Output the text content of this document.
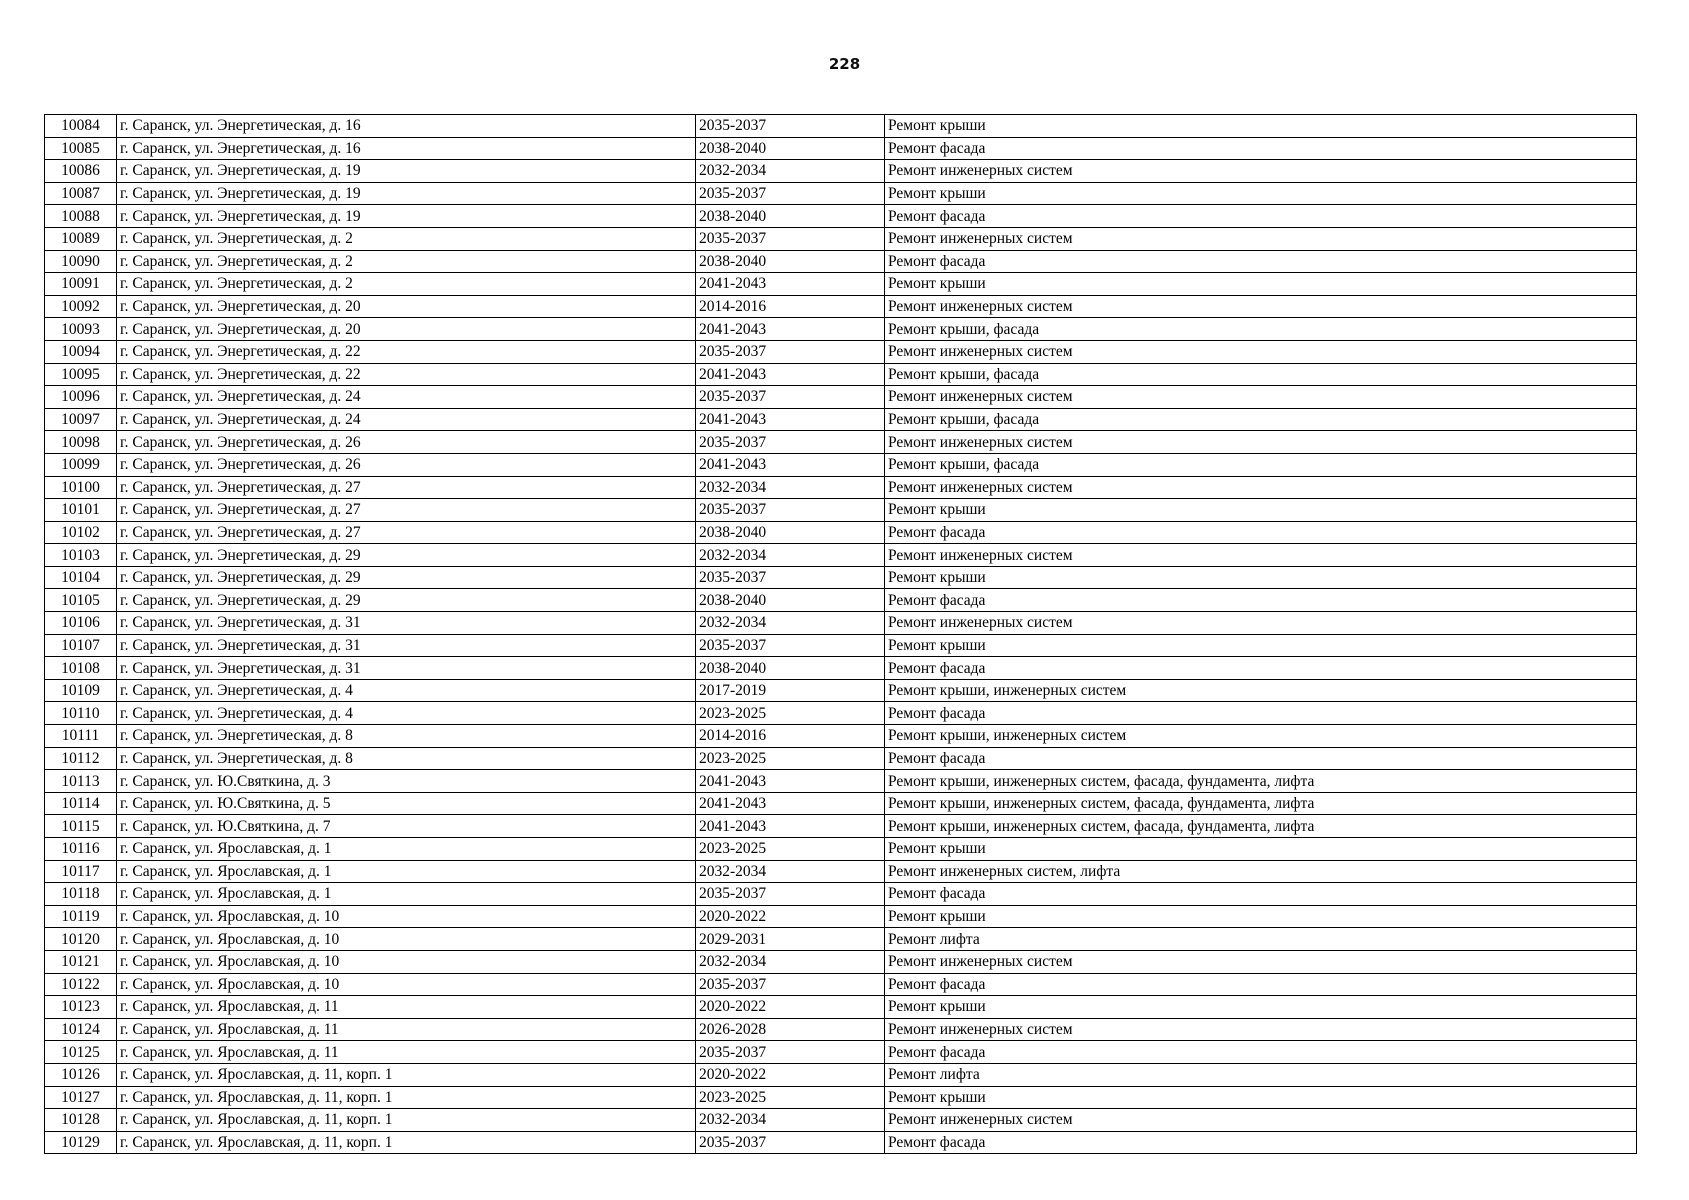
228
10084	г. Саранск, ул. Энергетическая, д. 16	2035-2037	Ремонт крыши
10085	г. Саранск, ул. Энергетическая, д. 16	2038-2040	Ремонт фасада
10086	г. Саранск, ул. Энергетическая, д. 19	2032-2034	Ремонт инженерных систем
10087	г. Саранск, ул. Энергетическая, д. 19	2035-2037	Ремонт крыши
10088	г. Саранск, ул. Энергетическая, д. 19	2038-2040	Ремонт фасада
10089	г. Саранск, ул. Энергетическая, д. 2	2035-2037	Ремонт инженерных систем
10090	г. Саранск, ул. Энергетическая, д. 2	2038-2040	Ремонт фасада
10091	г. Саранск, ул. Энергетическая, д. 2	2041-2043	Ремонт крыши
10092	г. Саранск, ул. Энергетическая, д. 20	2014-2016	Ремонт инженерных систем
10093	г. Саранск, ул. Энергетическая, д. 20	2041-2043	Ремонт крыши, фасада
10094	г. Саранск, ул. Энергетическая, д. 22	2035-2037	Ремонт инженерных систем
10095	г. Саранск, ул. Энергетическая, д. 22	2041-2043	Ремонт крыши, фасада
10096	г. Саранск, ул. Энергетическая, д. 24	2035-2037	Ремонт инженерных систем
10097	г. Саранск, ул. Энергетическая, д. 24	2041-2043	Ремонт крыши, фасада
10098	г. Саранск, ул. Энергетическая, д. 26	2035-2037	Ремонт инженерных систем
10099	г. Саранск, ул. Энергетическая, д. 26	2041-2043	Ремонт крыши, фасада
10100	г. Саранск, ул. Энергетическая, д. 27	2032-2034	Ремонт инженерных систем
10101	г. Саранск, ул. Энергетическая, д. 27	2035-2037	Ремонт крыши
10102	г. Саранск, ул. Энергетическая, д. 27	2038-2040	Ремонт фасада
10103	г. Саранск, ул. Энергетическая, д. 29	2032-2034	Ремонт инженерных систем
10104	г. Саранск, ул. Энергетическая, д. 29	2035-2037	Ремонт крыши
10105	г. Саранск, ул. Энергетическая, д. 29	2038-2040	Ремонт фасада
10106	г. Саранск, ул. Энергетическая, д. 31	2032-2034	Ремонт инженерных систем
10107	г. Саранск, ул. Энергетическая, д. 31	2035-2037	Ремонт крыши
10108	г. Саранск, ул. Энергетическая, д. 31	2038-2040	Ремонт фасада
10109	г. Саранск, ул. Энергетическая, д. 4	2017-2019	Ремонт крыши, инженерных систем
10110	г. Саранск, ул. Энергетическая, д. 4	2023-2025	Ремонт фасада
10111	г. Саранск, ул. Энергетическая, д. 8	2014-2016	Ремонт крыши, инженерных систем
10112	г. Саранск, ул. Энергетическая, д. 8	2023-2025	Ремонт фасада
10113	г. Саранск, ул. Ю.Святкина, д. 3	2041-2043	Ремонт крыши, инженерных систем, фасада, фундамента, лифта
10114	г. Саранск, ул. Ю.Святкина, д. 5	2041-2043	Ремонт крыши, инженерных систем, фасада, фундамента, лифта
10115	г. Саранск, ул. Ю.Святкина, д. 7	2041-2043	Ремонт крыши, инженерных систем, фасада, фундамента, лифта
10116	г. Саранск, ул. Ярославская, д. 1	2023-2025	Ремонт крыши
10117	г. Саранск, ул. Ярославская, д. 1	2032-2034	Ремонт инженерных систем, лифта
10118	г. Саранск, ул. Ярославская, д. 1	2035-2037	Ремонт фасада
10119	г. Саранск, ул. Ярославская, д. 10	2020-2022	Ремонт крыши
10120	г. Саранск, ул. Ярославская, д. 10	2029-2031	Ремонт лифта
10121	г. Саранск, ул. Ярославская, д. 10	2032-2034	Ремонт инженерных систем
10122	г. Саранск, ул. Ярославская, д. 10	2035-2037	Ремонт фасада
10123	г. Саранск, ул. Ярославская, д. 11	2020-2022	Ремонт крыши
10124	г. Саранск, ул. Ярославская, д. 11	2026-2028	Ремонт инженерных систем
10125	г. Саранск, ул. Ярославская, д. 11	2035-2037	Ремонт фасада
10126	г. Саранск, ул. Ярославская, д. 11, корп. 1	2020-2022	Ремонт лифта
10127	г. Саранск, ул. Ярославская, д. 11, корп. 1	2023-2025	Ремонт крыши
10128	г. Саранск, ул. Ярославская, д. 11, корп. 1	2032-2034	Ремонт инженерных систем
10129	г. Саранск, ул. Ярославская, д. 11, корп. 1	2035-2037	Ремонт фасада
